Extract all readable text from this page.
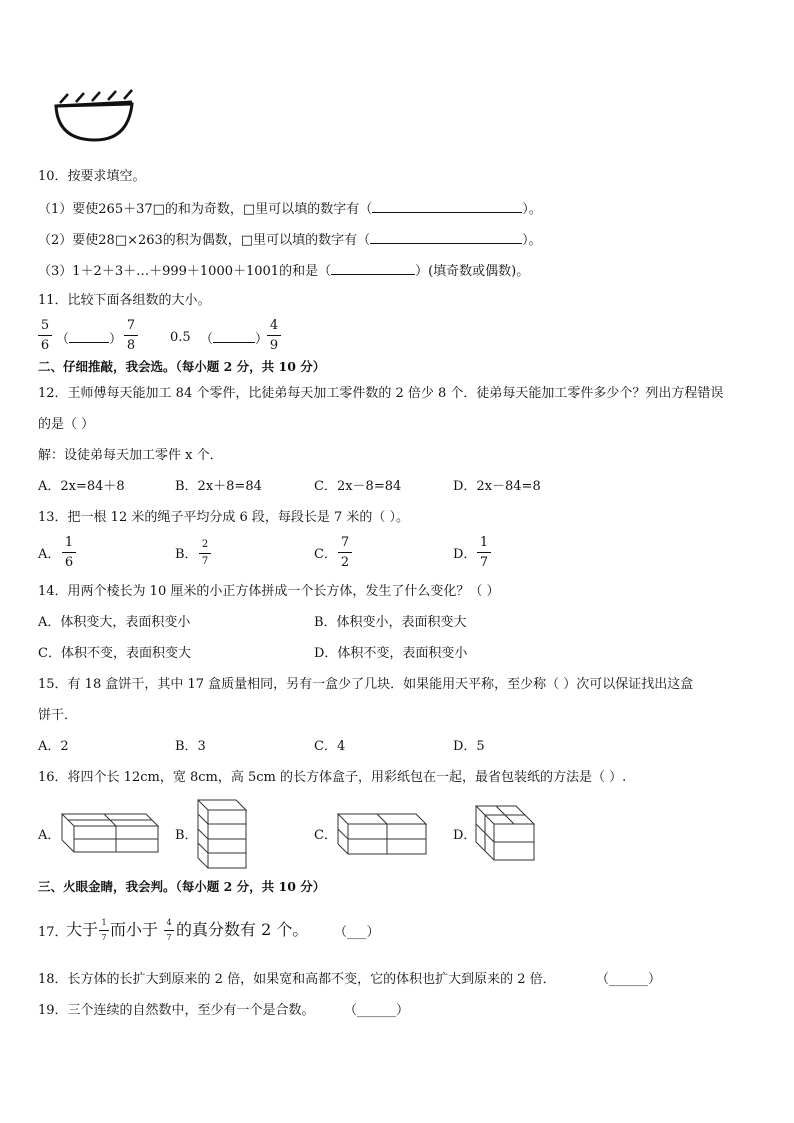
10．按要求填空。
（1）要使265＋37□的和为奇数，□里可以填的数字有（	）。
（2）要使28□×263的积为偶数，□里可以填的数字有（	）。
（3）1＋2＋3＋…＋999＋1000＋1001的和是（	）(填奇数或偶数)。
11．比较下面各组数的大小。
5
6 （	）
7
8
0.5 （	）
4
9
二、仔细推敲，我会选。（每小题 2 分，共 10 分）
12．王师傅每天能加工 84 个零件，比徒弟每天加工零件数的 2 倍少 8 个．徒弟每天能加工零件多少个？列出方程错误
的是（ ）
解：设徒弟每天加工零件 x 个．
A．2x=84＋8	B．2x＋8=84	C．2x－8=84	D．2x－84=8
13．把一根 12 米的绳子平均分成 6 段，每段长是 7 米的（ ）。
A．
1
6
B．
2
7	C．
7
2
D．
1
7
14．用两个棱长为 10 厘米的小正方体拼成一个长方体，发生了什么变化？（ ）
A．体积变大，表面积变小	B．体积变小，表面积变大
C．体积不变，表面积变大	D．体积不变，表面积变小
15．有 18 盒饼干，其中 17 盒质量相同，另有一盒少了几块．如果能用天平称，至少称（ ）次可以保证找出这盒
饼干．
A．2	B．3	C．4	D．5
16．将四个长 12cm，宽 8cm，高 5cm 的长方体盒子，用彩纸包在一起，最省包装纸的方法是（ ）.
A．	B．	C．	D．
三、火眼金睛，我会判。（每小题 2 分，共 10 分）
17．
大于 1
7 而小于	4
7 的真分数有 2 个。 （___）
18．长方体的长扩大到原来的 2 倍，如果宽和高都不变，它的体积也扩大到原来的 2 倍．	（______）
19．三个连续的自然数中，至少有一个是合数。 （______）
